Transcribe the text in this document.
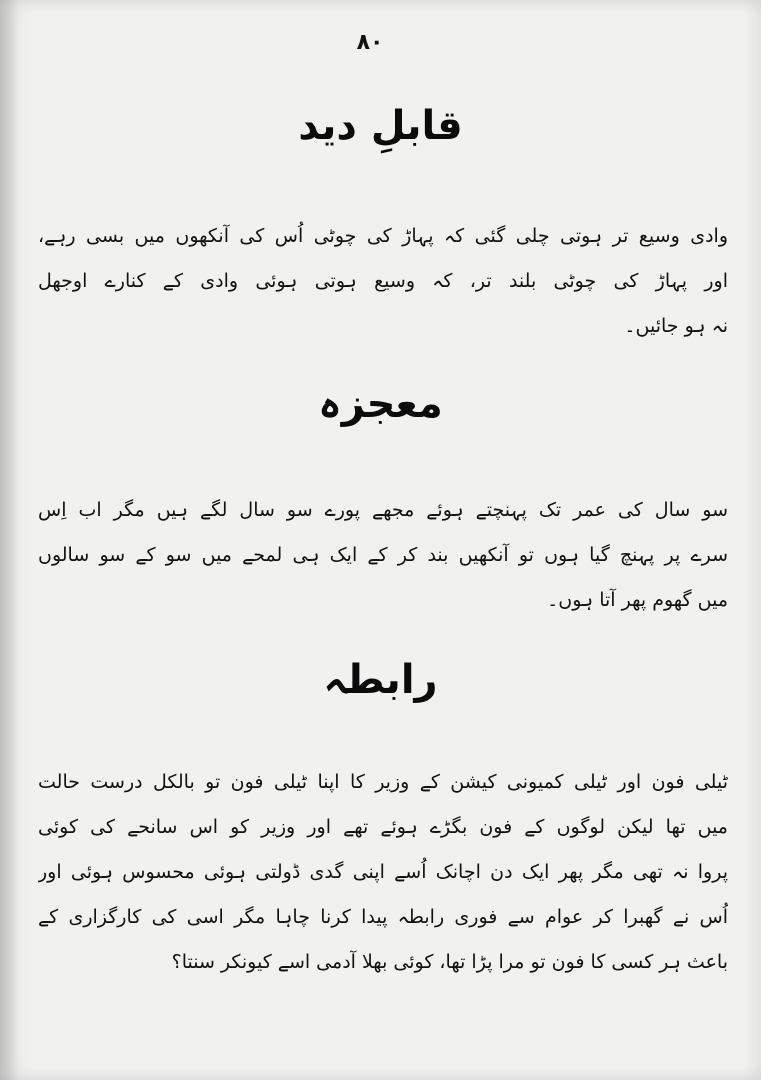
۸۰
قابلِ دید
وادی وسیع تر ہوتی چلی گئی کہ پہاڑ کی چوٹی اُس کی آنکھوں میں بسی رہے،
اور پہاڑ کی چوٹی بلند تر، کہ وسیع ہوتی ہوئی وادی کے کنارے اوجھل
نہ ہو جائیں۔
معجزہ
سو سال کی عمر تک پہنچتے ہوئے مجھے پورے سو سال لگے ہیں مگر اب اِس
سرے پر پہنچ گیا ہوں تو آنکھیں بند کر کے ایک ہی لمحے میں سو کے سو سالوں
میں گھوم پھر آتا ہوں۔
رابطہ
ٹیلی فون اور ٹیلی کمیونی کیشن کے وزیر کا اپنا ٹیلی فون تو بالکل درست حالت
میں تھا لیکن لوگوں کے فون بگڑے ہوئے تھے اور وزیر کو اس سانحے کی کوئی
پروا نہ تھی مگر پھر ایک دن اچانک اُسے اپنی گدی ڈولتی ہوئی محسوس ہوئی اور
اُس نے گھبرا کر عوام سے فوری رابطہ پیدا کرنا چاہا مگر اسی کی کارگزاری کے
باعث ہر کسی کا فون تو مرا پڑا تھا، کوئی بھلا آدمی اسے کیونکر سنتا؟
